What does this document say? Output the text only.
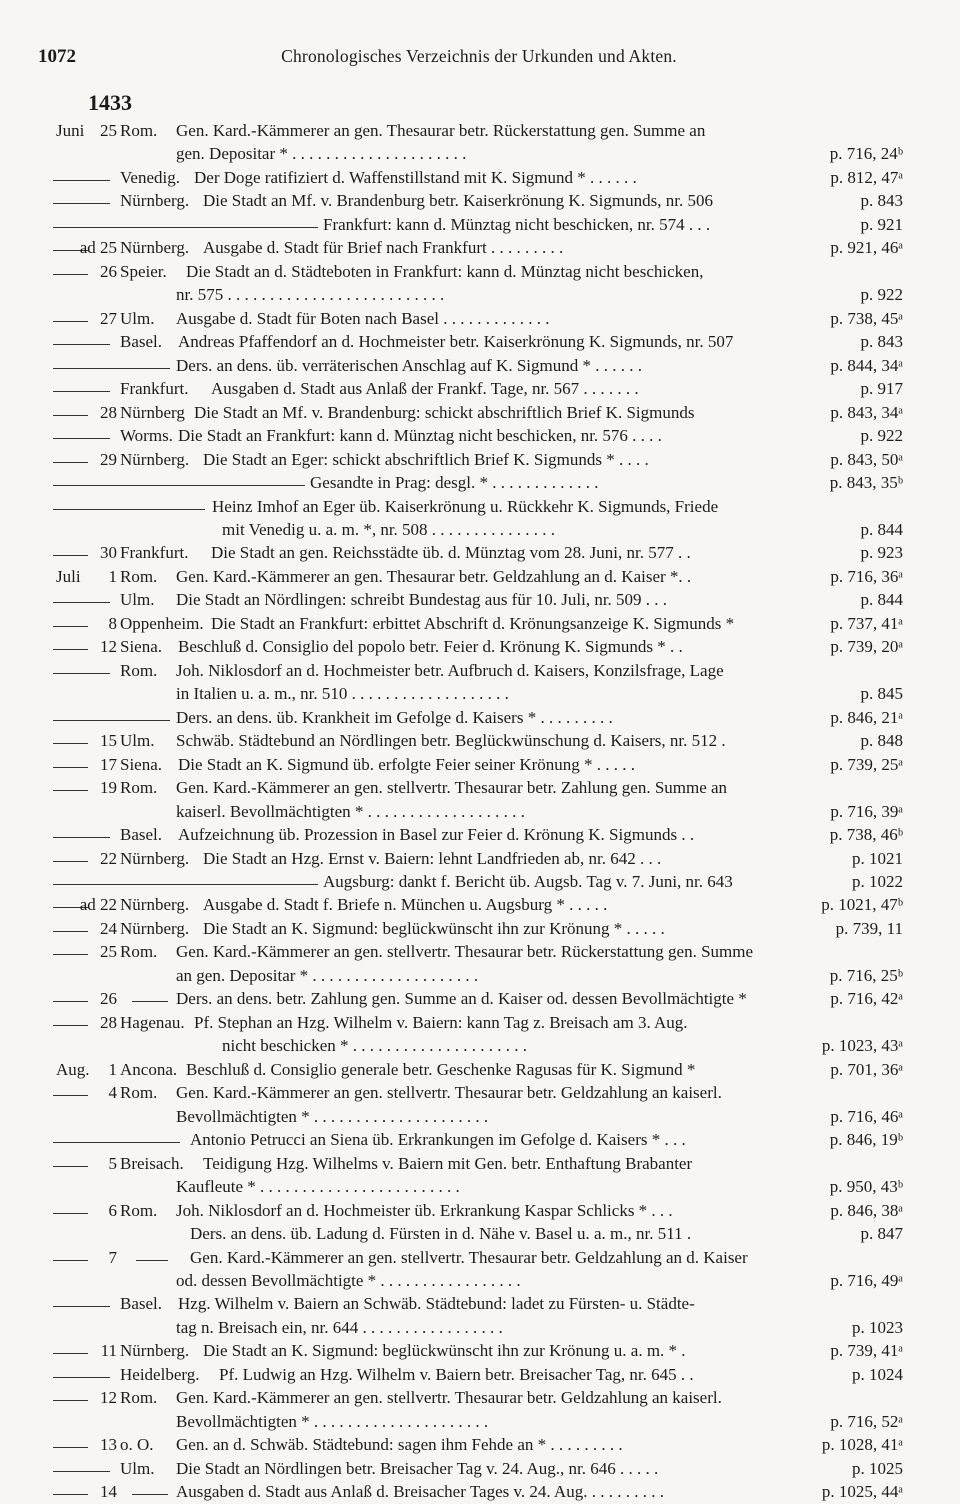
1072	Chronologisches Verzeichnis der Urkunden und Akten.
1433
Juni 25 Rom. Gen. Kard.-Kämmerer an gen. Thesaurar betr. Rückerstattung gen. Summe an
gen. Depositar * . . . . . . . . . . . . . . . . . . . . .	p. 716, 24ᵇ
Venedig. Der Doge ratifiziert d. Waffenstillstand mit K. Sigmund * . . . . . .	p. 812, 47ᵃ
Nürnberg. Die Stadt an Mf. v. Brandenburg betr. Kaiserkrönung K. Sigmunds, nr. 506	p. 843
Frankfurt: kann d. Münztag nicht beschicken, nr. 574 . . .	p. 921
ad 25 Nürnberg. Ausgabe d. Stadt für Brief nach Frankfurt . . . . . . . . .	p. 921, 46ᵃ
26 Speier. Die Stadt an d. Städteboten in Frankfurt: kann d. Münztag nicht beschicken,
nr. 575 . . . . . . . . . . . . . . . . . . . . . . . . . .	p. 922
27 Ulm. Ausgabe d. Stadt für Boten nach Basel . . . . . . . . . . . . .	p. 738, 45ᵃ
Basel. Andreas Pfaffendorf an d. Hochmeister betr. Kaiserkrönung K. Sigmunds, nr. 507	p. 843
Ders. an dens. üb. verräterischen Anschlag auf K. Sigmund * . . . . . .	p. 844, 34ᵃ
Frankfurt. Ausgaben d. Stadt aus Anlaß der Frankf. Tage, nr. 567 . . . . . . .	p. 917
28 Nürnberg Die Stadt an Mf. v. Brandenburg: schickt abschriftlich Brief K. Sigmunds	p. 843, 34ᵃ
Worms. Die Stadt an Frankfurt: kann d. Münztag nicht beschicken, nr. 576 . . . .	p. 922
29 Nürnberg. Die Stadt an Eger: schickt abschriftlich Brief K. Sigmunds * . . . .	p. 843, 50ᵃ
Gesandte in Prag: desgl. * . . . . . . . . . . . . .	p. 843, 35ᵇ
Heinz Imhof an Eger üb. Kaiserkrönung u. Rückkehr K. Sigmunds, Friede
mit Venedig u. a. m. *, nr. 508 . . . . . . . . . . . . . . .	p. 844
30 Frankfurt. Die Stadt an gen. Reichsstädte üb. d. Münztag vom 28. Juni, nr. 577 . .	p. 923
Juli 1 Rom. Gen. Kard.-Kämmerer an gen. Thesaurar betr. Geldzahlung an d. Kaiser *. .	p. 716, 36ᵃ
Ulm. Die Stadt an Nördlingen: schreibt Bundestag aus für 10. Juli, nr. 509 . . .	p. 844
8 Oppenheim. Die Stadt an Frankfurt: erbittet Abschrift d. Krönungsanzeige K. Sigmunds *	p. 737, 41ᵃ
12 Siena. Beschluß d. Consiglio del popolo betr. Feier d. Krönung K. Sigmunds * . .	p. 739, 20ᵃ
Rom. Joh. Niklosdorf an d. Hochmeister betr. Aufbruch d. Kaisers, Konzilsfrage, Lage
in Italien u. a. m., nr. 510 . . . . . . . . . . . . . . . . . . .	p. 845
Ders. an dens. üb. Krankheit im Gefolge d. Kaisers * . . . . . . . . .	p. 846, 21ᵃ
15 Ulm. Schwäb. Städtebund an Nördlingen betr. Beglückwünschung d. Kaisers, nr. 512 .	p. 848
17 Siena. Die Stadt an K. Sigmund üb. erfolgte Feier seiner Krönung * . . . . .	p. 739, 25ᵃ
19 Rom. Gen. Kard.-Kämmerer an gen. stellvertr. Thesaurar betr. Zahlung gen. Summe an
kaiserl. Bevollmächtigten * . . . . . . . . . . . . . . . . . . .	p. 716, 39ᵃ
Basel. Aufzeichnung üb. Prozession in Basel zur Feier d. Krönung K. Sigmunds . .	p. 738, 46ᵇ
22 Nürnberg. Die Stadt an Hzg. Ernst v. Baiern: lehnt Landfrieden ab, nr. 642 . . .	p. 1021
Augsburg: dankt f. Bericht üb. Augsb. Tag v. 7. Juni, nr. 643	p. 1022
ad 22 Nürnberg. Ausgabe d. Stadt f. Briefe n. München u. Augsburg * . . . . .	p. 1021, 47ᵇ
24 Nürnberg. Die Stadt an K. Sigmund: beglückwünscht ihn zur Krönung * . . . . .	p. 739, 11
25 Rom. Gen. Kard.-Kämmerer an gen. stellvertr. Thesaurar betr. Rückerstattung gen. Summe
an gen. Depositar * . . . . . . . . . . . . . . . . . . . .	p. 716, 25ᵇ
26	Ders. an dens. betr. Zahlung gen. Summe an d. Kaiser od. dessen Bevollmächtigte *	p. 716, 42ᵃ
28 Hagenau. Pf. Stephan an Hzg. Wilhelm v. Baiern: kann Tag z. Breisach am 3. Aug.
nicht beschicken * . . . . . . . . . . . . . . . . . . . . .	p. 1023, 43ᵃ
Aug. 1 Ancona. Beschluß d. Consiglio generale betr. Geschenke Ragusas für K. Sigmund *	p. 701, 36ᵃ
4 Rom. Gen. Kard.-Kämmerer an gen. stellvertr. Thesaurar betr. Geldzahlung an kaiserl.
Bevollmächtigten * . . . . . . . . . . . . . . . . . . . . .	p. 716, 46ᵃ
Antonio Petrucci an Siena üb. Erkrankungen im Gefolge d. Kaisers * . . .	p. 846, 19ᵇ
5 Breisach. Teidigung Hzg. Wilhelms v. Baiern mit Gen. betr. Enthaftung Brabanter
Kaufleute * . . . . . . . . . . . . . . . . . . . . . . . .	p. 950, 43ᵇ
6 Rom. Joh. Niklosdorf an d. Hochmeister üb. Erkrankung Kaspar Schlicks * . . .	p. 846, 38ᵃ
Ders. an dens. üb. Ladung d. Fürsten in d. Nähe v. Basel u. a. m., nr. 511 .	p. 847
7	Gen. Kard.-Kämmerer an gen. stellvertr. Thesaurar betr. Geldzahlung an d. Kaiser
od. dessen Bevollmächtigte * . . . . . . . . . . . . . . . . .	p. 716, 49ᵃ
Basel. Hzg. Wilhelm v. Baiern an Schwäb. Städtebund: ladet zu Fürsten- u. Städte-
tag n. Breisach ein, nr. 644 . . . . . . . . . . . . . . . . .	p. 1023
11 Nürnberg. Die Stadt an K. Sigmund: beglückwünscht ihn zur Krönung u. a. m. * .	p. 739, 41ᵃ
Heidelberg. Pf. Ludwig an Hzg. Wilhelm v. Baiern betr. Breisacher Tag, nr. 645 . .	p. 1024
12 Rom. Gen. Kard.-Kämmerer an gen. stellvertr. Thesaurar betr. Geldzahlung an kaiserl.
Bevollmächtigten * . . . . . . . . . . . . . . . . . . . . .	p. 716, 52ᵃ
13 o. O. Gen. an d. Schwäb. Städtebund: sagen ihm Fehde an * . . . . . . . . .	p. 1028, 41ᵃ
Ulm. Die Stadt an Nördlingen betr. Breisacher Tag v. 24. Aug., nr. 646 . . . . .	p. 1025
14	Ausgaben d. Stadt aus Anlaß d. Breisacher Tages v. 24. Aug. . . . . . . . . .	p. 1025, 44ᵃ
